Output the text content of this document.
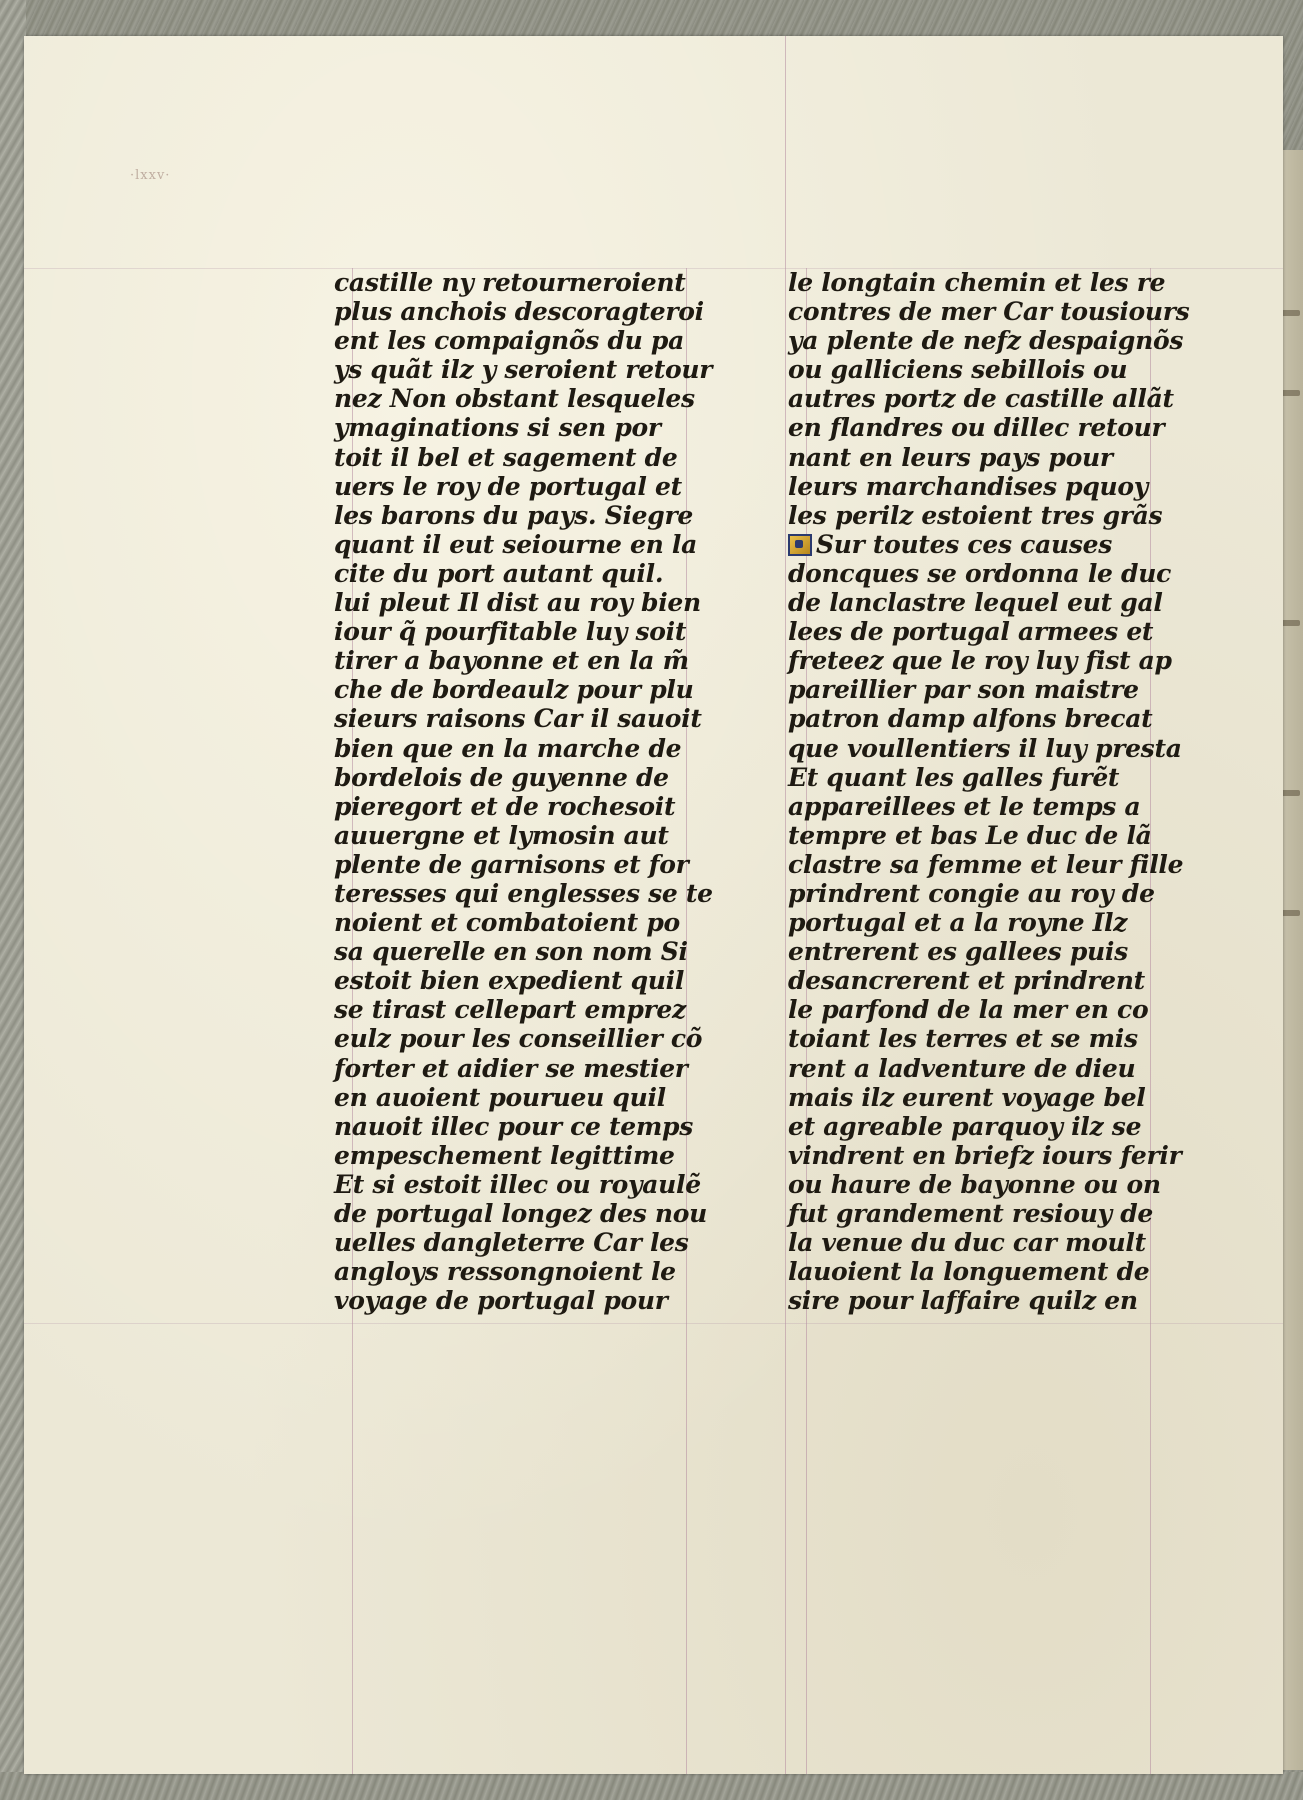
·lxxv·
castille ny retourneroient
plus anchois descoragteroi
ent les compaignõs du pa
ys quãt ilz y seroient retour
nez Non obstant lesqueles
ymaginations si sen por
toit il bel et sagement de
uers le roy de portugal et
les barons du pays. Siegre
quant il eut seiourne en la
cite du port autant quil.
lui pleut Il dist au roy bien
iour q̃ pourfitable luy soit
tirer a bayonne et en la m̃
che de bordeaulz pour plu
sieurs raisons Car il sauoit
bien que en la marche de
bordelois de guyenne de
pieregort et de rochesoit
auuergne et lymosin aut
plente de garnisons et for
teresses qui englesses se te
noient et combatoient po
sa querelle en son nom Si
estoit bien expedient quil
se tirast cellepart emprez
eulz pour les conseillier cõ
forter et aidier se mestier
en auoient pourueu quil
nauoit illec pour ce temps
empeschement legittime
Et si estoit illec ou royaulẽ
de portugal longez des nou
uelles dangleterre Car les
angloys ressongnoient le
voyage de portugal pour
le longtain chemin et les re
contres de mer Car tousiours
ya plente de nefz despaignõs
ou galliciens sebillois ou
autres portz de castille allãt
en flandres ou dillec retour
nant en leurs pays pour
leurs marchandises pquoy
les perilz estoient tres grãs
Sur toutes ces causes
doncques se ordonna le duc
de lanclastre lequel eut gal
lees de portugal armees et
freteez que le roy luy fist ap
pareillier par son maistre
patron damp alfons brecat
que voullentiers il luy presta
Et quant les galles furẽt
appareillees et le temps a
tempre et bas Le duc de lã
clastre sa femme et leur fille
prindrent congie au roy de
portugal et a la royne Ilz
entrerent es gallees puis
desancrerent et prindrent
le parfond de la mer en co
toiant les terres et se mis
rent a ladventure de dieu
mais ilz eurent voyage bel
et agreable parquoy ilz se
vindrent en briefz iours ferir
ou haure de bayonne ou on
fut grandement resiouy de
la venue du duc car moult
lauoient la longuement de
sire pour laffaire quilz en
